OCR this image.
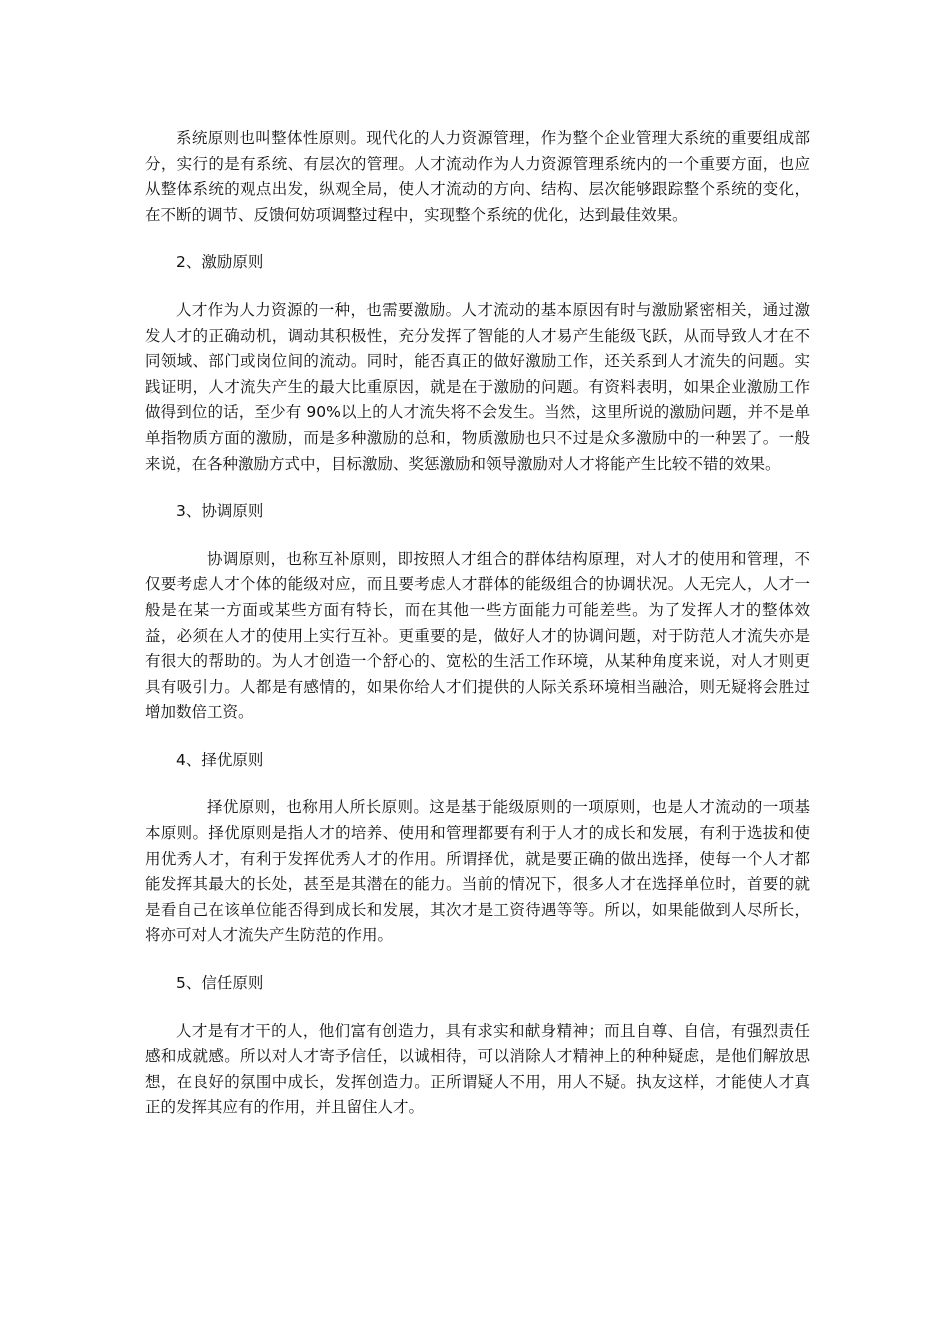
系统原则也叫整体性原则。现代化的人力资源管理，作为整个企业管理大系统的重要组成部分，实行的是有系统、有层次的管理。人才流动作为人力资源管理系统内的一个重要方面，也应从整体系统的观点出发，纵观全局，使人才流动的方向、结构、层次能够跟踪整个系统的变化，在不断的调节、反馈何妨项调整过程中，实现整个系统的优化，达到最佳效果。

2、激励原则

人才作为人力资源的一种，也需要激励。人才流动的基本原因有时与激励紧密相关，通过激发人才的正确动机，调动其积极性，充分发挥了智能的人才易产生能级飞跃，从而导致人才在不同领域、部门或岗位间的流动。同时，能否真正的做好激励工作，还关系到人才流失的问题。实践证明，人才流失产生的最大比重原因，就是在于激励的问题。有资料表明，如果企业激励工作做得到位的话，至少有 90%以上的人才流失将不会发生。当然，这里所说的激励问题，并不是单单指物质方面的激励，而是多种激励的总和，物质激励也只不过是众多激励中的一种罢了。一般来说，在各种激励方式中，目标激励、奖惩激励和领导激励对人才将能产生比较不错的效果。

3、协调原则

协调原则，也称互补原则，即按照人才组合的群体结构原理，对人才的使用和管理，不仅要考虑人才个体的能级对应，而且要考虑人才群体的能级组合的协调状况。人无完人，人才一般是在某一方面或某些方面有特长，而在其他一些方面能力可能差些。为了发挥人才的整体效益，必须在人才的使用上实行互补。更重要的是，做好人才的协调问题，对于防范人才流失亦是有很大的帮助的。为人才创造一个舒心的、宽松的生活工作环境，从某种角度来说，对人才则更具有吸引力。人都是有感情的，如果你给人才们提供的人际关系环境相当融洽，则无疑将会胜过增加数倍工资。

4、择优原则

择优原则，也称用人所长原则。这是基于能级原则的一项原则，也是人才流动的一项基本原则。择优原则是指人才的培养、使用和管理都要有利于人才的成长和发展，有利于选拔和使用优秀人才，有利于发挥优秀人才的作用。所谓择优，就是要正确的做出选择，使每一个人才都能发挥其最大的长处，甚至是其潜在的能力。当前的情况下，很多人才在选择单位时，首要的就是看自己在该单位能否得到成长和发展，其次才是工资待遇等等。所以，如果能做到人尽所长，将亦可对人才流失产生防范的作用。

5、信任原则

人才是有才干的人，他们富有创造力，具有求实和献身精神；而且自尊、自信，有强烈责任感和成就感。所以对人才寄予信任，以诚相待，可以消除人才精神上的种种疑虑，是他们解放思想，在良好的氛围中成长，发挥创造力。正所谓疑人不用，用人不疑。执友这样，才能使人才真正的发挥其应有的作用，并且留住人才。
